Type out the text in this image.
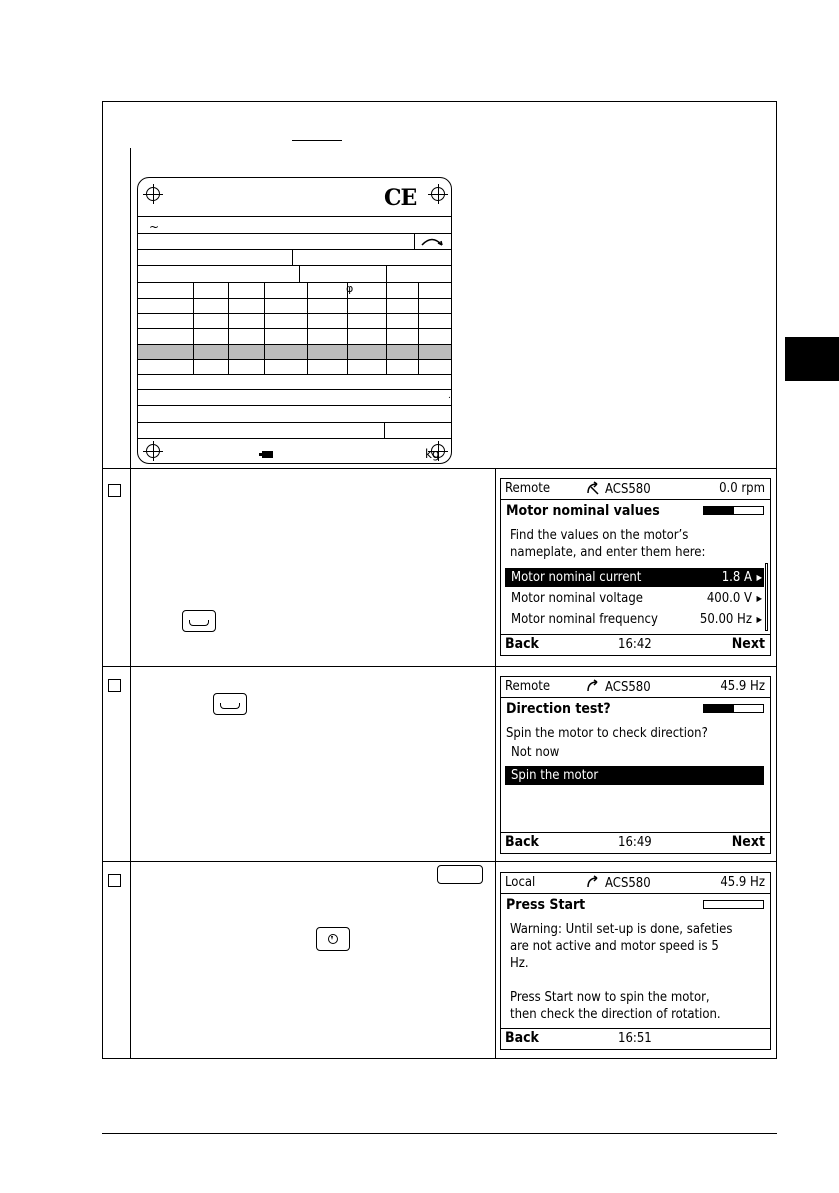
CE
~
φ
.
kg
Remote	ACS580	0.0 rpm
Motor nominal values
Find the values on the motor’s
nameplate, and enter them here:
Motor nominal current	1.8 A ▶
Motor nominal voltage	400.0 V ▶
Motor nominal frequency	50.00 Hz ▶
Back	16:42	Next
Remote	ACS580	45.9 Hz
Direction test?
Spin the motor to check direction?
Not now
Spin the motor
Back	16:49	Next
Local	ACS580	45.9 Hz
Press Start
Warning: Until set-up is done, safeties
are not active and motor speed is 5
Hz.

Press Start now to spin the motor,
then check the direction of rotation.
Back	16:51
